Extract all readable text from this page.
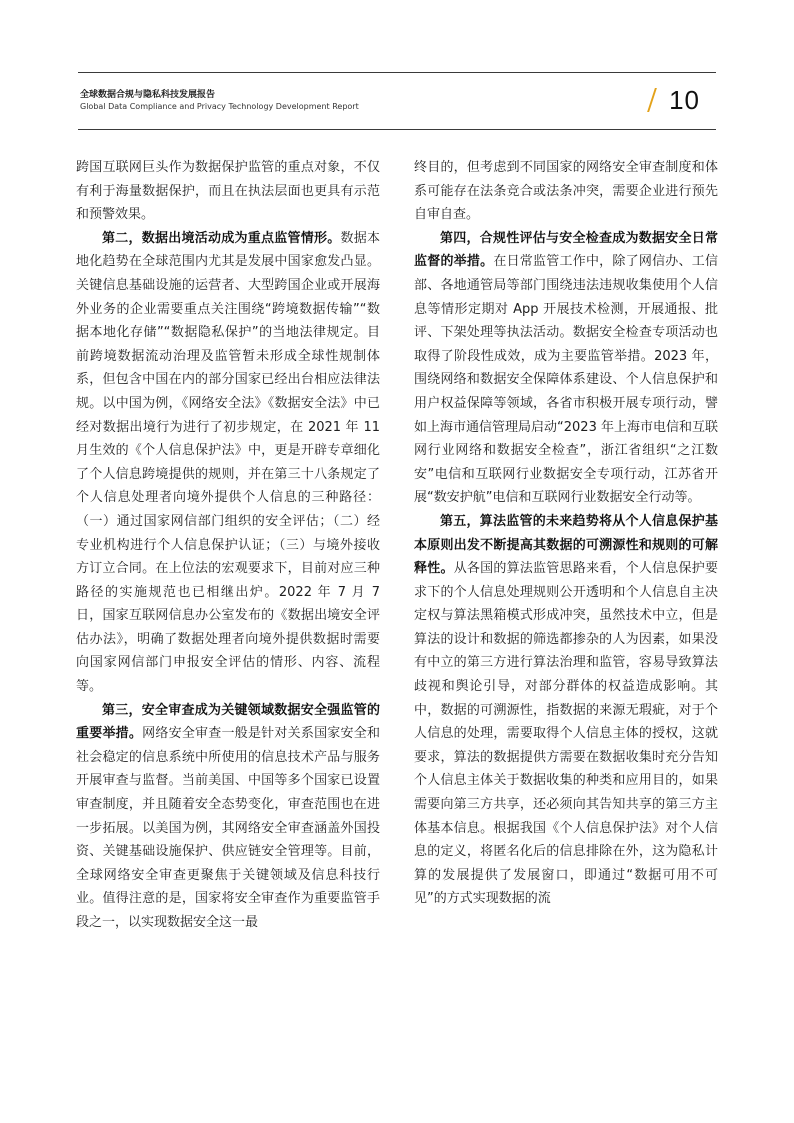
全球数据合规与隐私科技发展报告
Global Data Compliance and Privacy Technology Development Report	10

跨国互联网巨头作为数据保护监管的重点对象，不仅有利于海量数据保护，而且在执法层面也更具有示范和预警效果。

第二，数据出境活动成为重点监管情形。数据本地化趋势在全球范围内尤其是发展中国家愈发凸显。关键信息基础设施的运营者、大型跨国企业或开展海外业务的企业需要重点关注围绕“跨境数据传输”“数据本地化存储”“数据隐私保护”的当地法律规定。目前跨境数据流动治理及监管暂未形成全球性规制体系，但包含中国在内的部分国家已经出台相应法律法规。以中国为例，《网络安全法》《数据安全法》中已经对数据出境行为进行了初步规定，在 2021 年 11 月生效的《个人信息保护法》中，更是开辟专章细化了个人信息跨境提供的规则，并在第三十八条规定了个人信息处理者向境外提供个人信息的三种路径：（一）通过国家网信部门组织的安全评估；（二）经专业机构进行个人信息保护认证；（三）与境外接收方订立合同。在上位法的宏观要求下，目前对应三种路径的实施规范也已相继出炉。2022 年 7 月 7 日，国家互联网信息办公室发布的《数据出境安全评估办法》，明确了数据处理者向境外提供数据时需要向国家网信部门申报安全评估的情形、内容、流程等。

第三，安全审查成为关键领域数据安全强监管的重要举措。网络安全审查一般是针对关系国家安全和社会稳定的信息系统中所使用的信息技术产品与服务开展审查与监督。当前美国、中国等多个国家已设置审查制度，并且随着安全态势变化，审查范围也在进一步拓展。以美国为例，其网络安全审查涵盖外国投资、关键基础设施保护、供应链安全管理等。目前，全球网络安全审查更聚焦于关键领域及信息科技行业。值得注意的是，国家将安全审查作为重要监管手段之一，以实现数据安全这一最

终目的，但考虑到不同国家的网络安全审查制度和体系可能存在法条竞合或法条冲突，需要企业进行预先自审自查。

第四，合规性评估与安全检查成为数据安全日常监督的举措。在日常监管工作中，除了网信办、工信部、各地通管局等部门围绕违法违规收集使用个人信息等情形定期对 App 开展技术检测，开展通报、批评、下架处理等执法活动。数据安全检查专项活动也取得了阶段性成效，成为主要监管举措。2023 年，围绕网络和数据安全保障体系建设、个人信息保护和用户权益保障等领域，各省市积极开展专项行动，譬如上海市通信管理局启动“2023 年上海市电信和互联网行业网络和数据安全检查”，浙江省组织“之江数安”电信和互联网行业数据安全专项行动，江苏省开展“数安护航”电信和互联网行业数据安全行动等。

第五，算法监管的未来趋势将从个人信息保护基本原则出发不断提高其数据的可溯源性和规则的可解释性。从各国的算法监管思路来看，个人信息保护要求下的个人信息处理规则公开透明和个人信息自主决定权与算法黑箱模式形成冲突，虽然技术中立，但是算法的设计和数据的筛选都掺杂的人为因素，如果没有中立的第三方进行算法治理和监管，容易导致算法歧视和舆论引导，对部分群体的权益造成影响。其中，数据的可溯源性，指数据的来源无瑕疵，对于个人信息的处理，需要取得个人信息主体的授权，这就要求，算法的数据提供方需要在数据收集时充分告知个人信息主体关于数据收集的种类和应用目的，如果需要向第三方共享，还必须向其告知共享的第三方主体基本信息。根据我国《个人信息保护法》对个人信息的定义，将匿名化后的信息排除在外，这为隐私计算的发展提供了发展窗口，即通过“数据可用不可见”的方式实现数据的流
